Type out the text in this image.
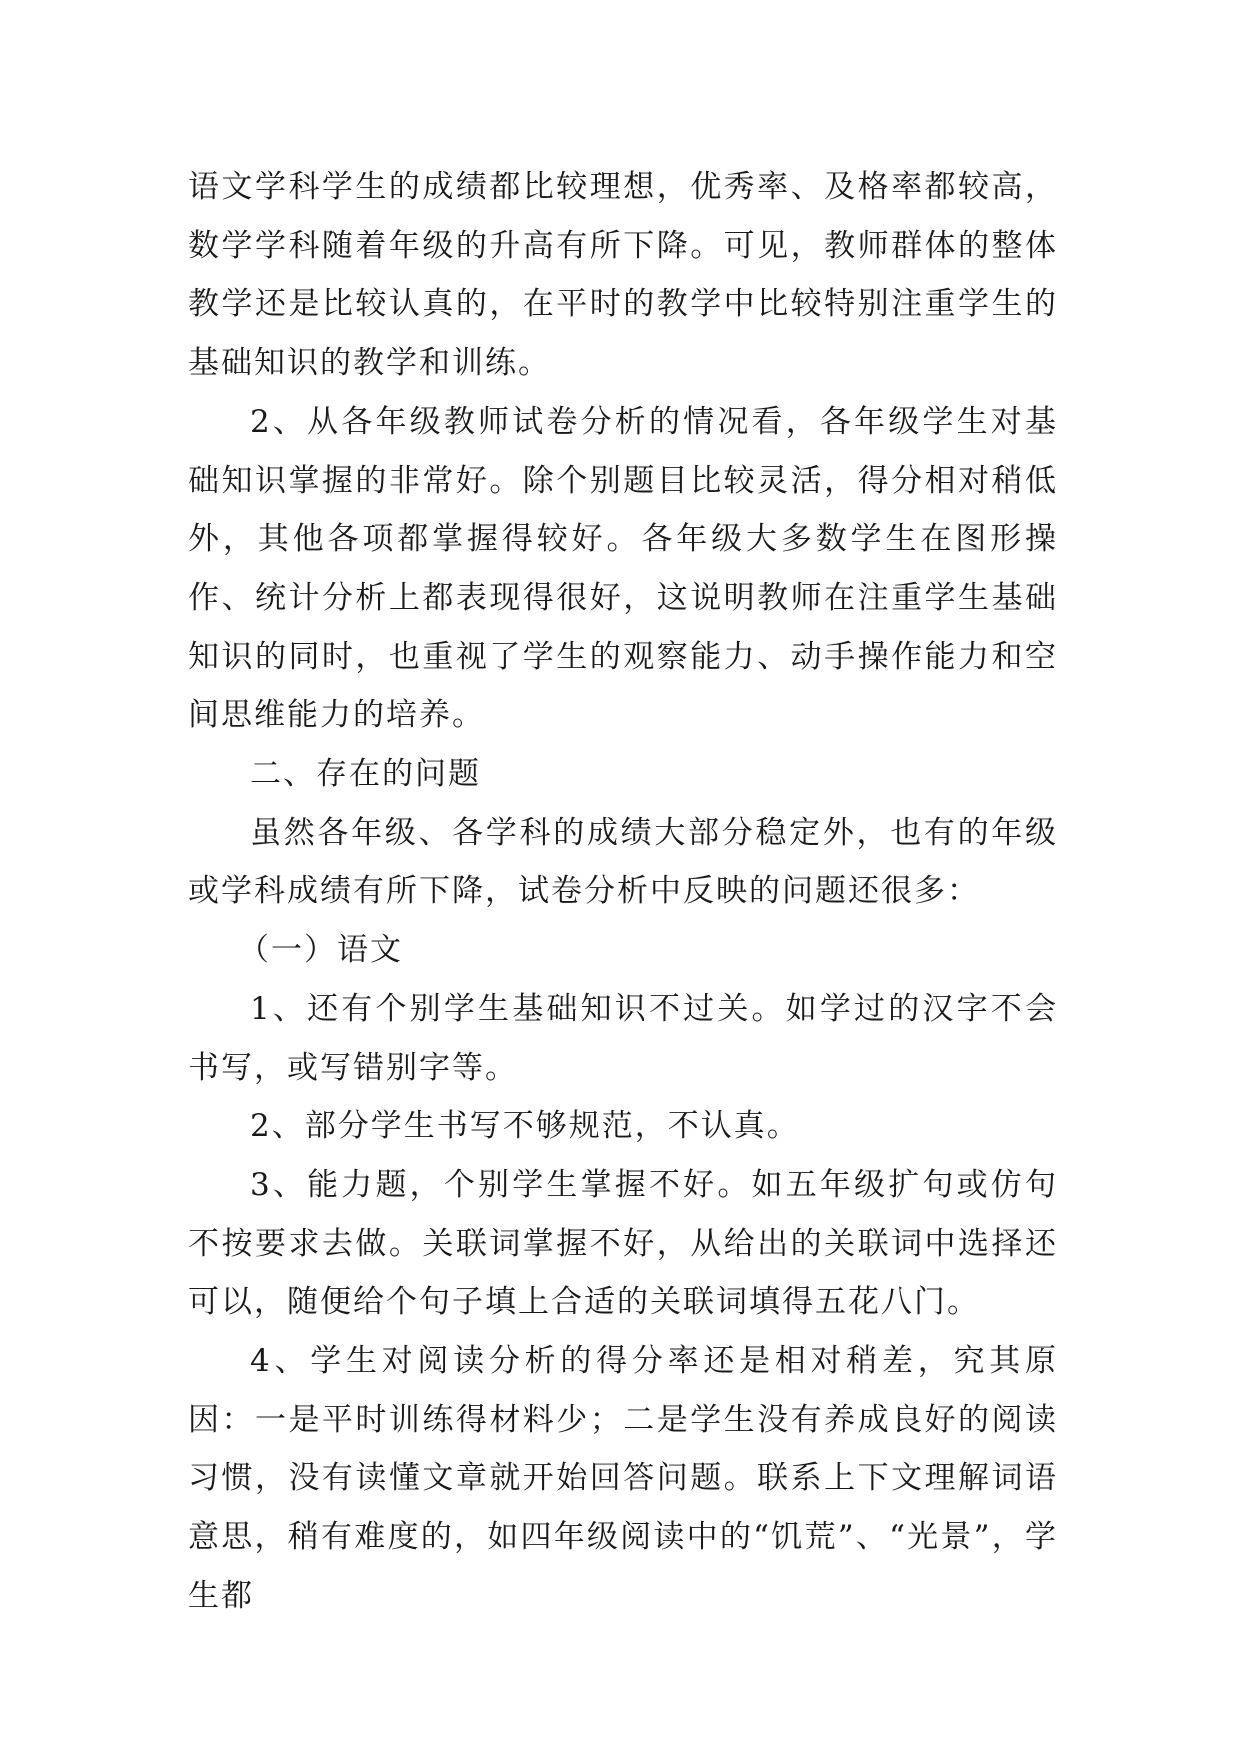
语文学科学生的成绩都比较理想，优秀率、及格率都较高，数学学科随着年级的升高有所下降。可见，教师群体的整体教学还是比较认真的，在平时的教学中比较特别注重学生的基础知识的教学和训练。

2、从各年级教师试卷分析的情况看，各年级学生对基础知识掌握的非常好。除个别题目比较灵活，得分相对稍低外，其他各项都掌握得较好。各年级大多数学生在图形操作、统计分析上都表现得很好，这说明教师在注重学生基础知识的同时，也重视了学生的观察能力、动手操作能力和空间思维能力的培养。

二、存在的问题

虽然各年级、各学科的成绩大部分稳定外，也有的年级或学科成绩有所下降，试卷分析中反映的问题还很多：

（一）语文

1、还有个别学生基础知识不过关。如学过的汉字不会书写，或写错别字等。

2、部分学生书写不够规范，不认真。

3、能力题，个别学生掌握不好。如五年级扩句或仿句不按要求去做。关联词掌握不好，从给出的关联词中选择还可以，随便给个句子填上合适的关联词填得五花八门。

4、学生对阅读分析的得分率还是相对稍差，究其原因：一是平时训练得材料少；二是学生没有养成良好的阅读习惯，没有读懂文章就开始回答问题。联系上下文理解词语意思，稍有难度的，如四年级阅读中的“饥荒”、“光景”，学生都
